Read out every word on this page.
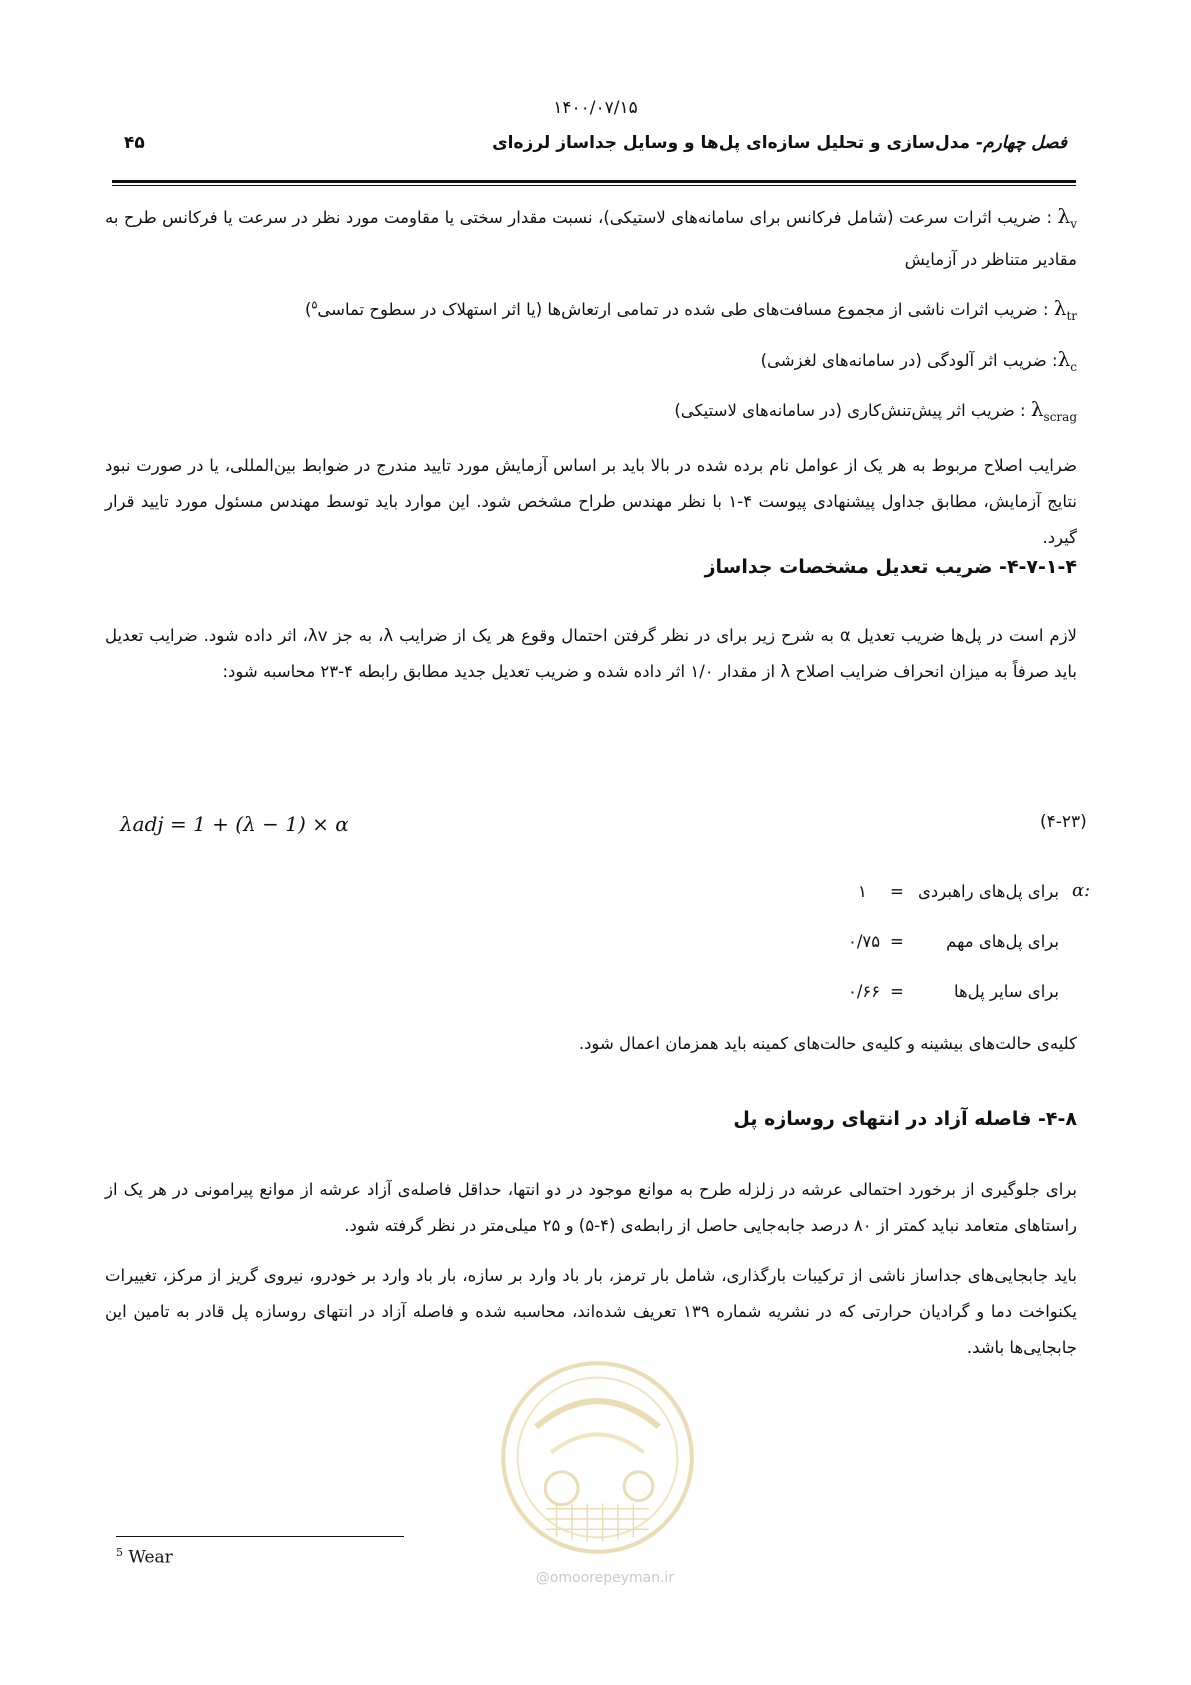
۱۴۰۰/۰۷/۱۵
فصل چهارم- مدل‌سازی و تحلیل سازه‌ای پل‌ها و وسایل جداساز لرزه‌ای
۴۵
$\lambda_v$ : ضریب اثرات سرعت (شامل فرکانس برای سامانه‌های لاستیکی)، نسبت مقدار سختی یا مقاومت مورد نظر در سرعت یا فرکانس طرح به مقادیر متناظر در آزمایش
$\lambda_{tr}$ : ضریب اثرات ناشی از مجموع مسافت‌های طی شده در تمامی ارتعاش‌ها (یا اثر استهلاک در سطوح تماسی$^۵$)
$\lambda_c$: ضریب اثر آلودگی (در سامانه‌های لغزشی)
$\lambda_{scrag}$ : ضریب اثر پیش‌تنش‌کاری (در سامانه‌های لاستیکی)
ضرایب اصلاح مربوط به هر یک از عوامل نام برده شده در بالا باید بر اساس آزمایش مورد تایید مندرج در ضوابط بین‌المللی، یا در صورت نبود نتایج آزمایش، مطابق جداول پیشنهادی پیوست ۴-۱ با نظر مهندس طراح مشخص شود. این موارد باید توسط مهندس مسئول مورد تایید قرار گیرد.
۴-۷-۱-۴- ضریب تعدیل مشخصات جداساز
لازم است در پل‌ها ضریب تعدیل α به شرح زیر برای در نظر گرفتن احتمال وقوع هر یک از ضرایب λ، به جز λv، اثر داده شود. ضرایب تعدیل باید صرفاً به میزان انحراف ضرایب اصلاح λ از مقدار ۱/۰ اثر داده شده و ضریب تعدیل جدید مطابق رابطه ۴-۲۳ محاسبه شود:
λadj = 1 + (λ − 1) × α	(۴-۲۳)
α:
برای پل‌های راهبردی
=
۱
برای پل‌های مهم
=
۰/۷۵
برای سایر پل‌ها
=
۰/۶۶
کلیه‌ی حالت‌های بیشینه و کلیه‌ی حالت‌های کمینه باید همزمان اعمال شود.
۴-۸- فاصله آزاد در انتهای روسازه پل
برای جلوگیری از برخورد احتمالی عرشه در زلزله طرح به موانع موجود در دو انتها، حداقل فاصله‌ی آزاد عرشه از موانع پیرامونی در هر یک از راستاهای متعامد نباید کمتر از ۸۰ درصد جابه‌جایی حاصل از رابطه‌ی (۴-۵) و ۲۵ میلی‌متر در نظر گرفته شود.
باید جابجایی‌های جداساز ناشی از ترکیبات بارگذاری، شامل بار ترمز، بار باد وارد بر سازه، بار باد وارد بر خودرو، نیروی گریز از مرکز، تغییرات یکنواخت دما و گرادیان حرارتی که در نشریه شماره ۱۳۹ تعریف شده‌اند، محاسبه شده و فاصله آزاد در انتهای روسازه پل قادر به تامین این جابجایی‌ها باشد.
@omoorepeyman.ir
$^5$ Wear
